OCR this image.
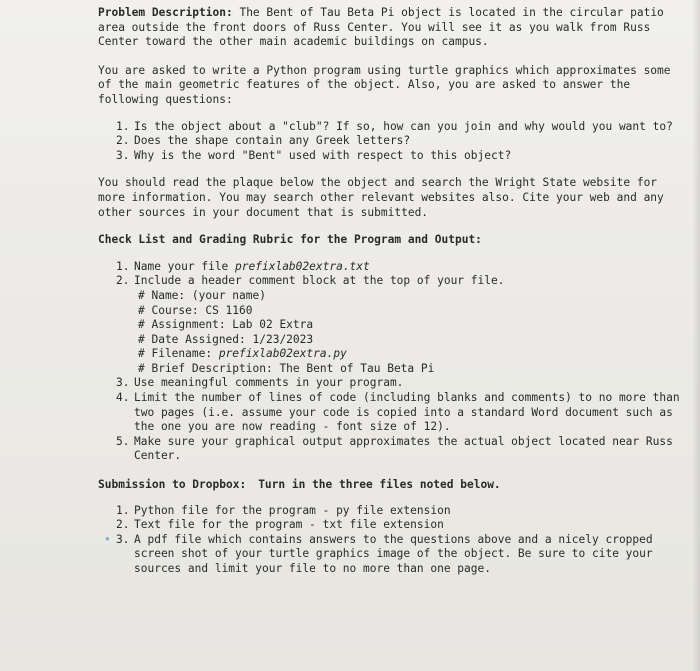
Problem Description: The Bent of Tau Beta Pi object is located in the circular patio area outside the front doors of Russ Center. You will see it as you walk from Russ Center toward the other main academic buildings on campus.

You are asked to write a Python program using turtle graphics which approximates some of the main geometric features of the object. Also, you are asked to answer the following questions:

1. Is the object about a "club"? If so, how can you join and why would you want to?
2. Does the shape contain any Greek letters?
3. Why is the word "Bent" used with respect to this object?

You should read the plaque below the object and search the Wright State website for more information. You may search other relevant websites also. Cite your web and any other sources in your document that is submitted.

Check List and Grading Rubric for the Program and Output:

1. Name your file prefixlab02extra.txt
2. Include a header comment block at the top of your file.
# Name: (your name)
# Course: CS 1160
# Assignment: Lab 02 Extra
# Date Assigned: 1/23/2023
# Filename: prefixlab02extra.py
# Brief Description: The Bent of Tau Beta Pi
3. Use meaningful comments in your program.
4. Limit the number of lines of code (including blanks and comments) to no more than two pages (i.e. assume your code is copied into a standard Word document such as the one you are now reading - font size of 12).
5. Make sure your graphical output approximates the actual object located near Russ Center.

Submission to Dropbox: Turn in the three files noted below.

1. Python file for the program - py file extension
2. Text file for the program - txt file extension
• 3. A pdf file which contains answers to the questions above and a nicely cropped screen shot of your turtle graphics image of the object. Be sure to cite your sources and limit your file to no more than one page.
